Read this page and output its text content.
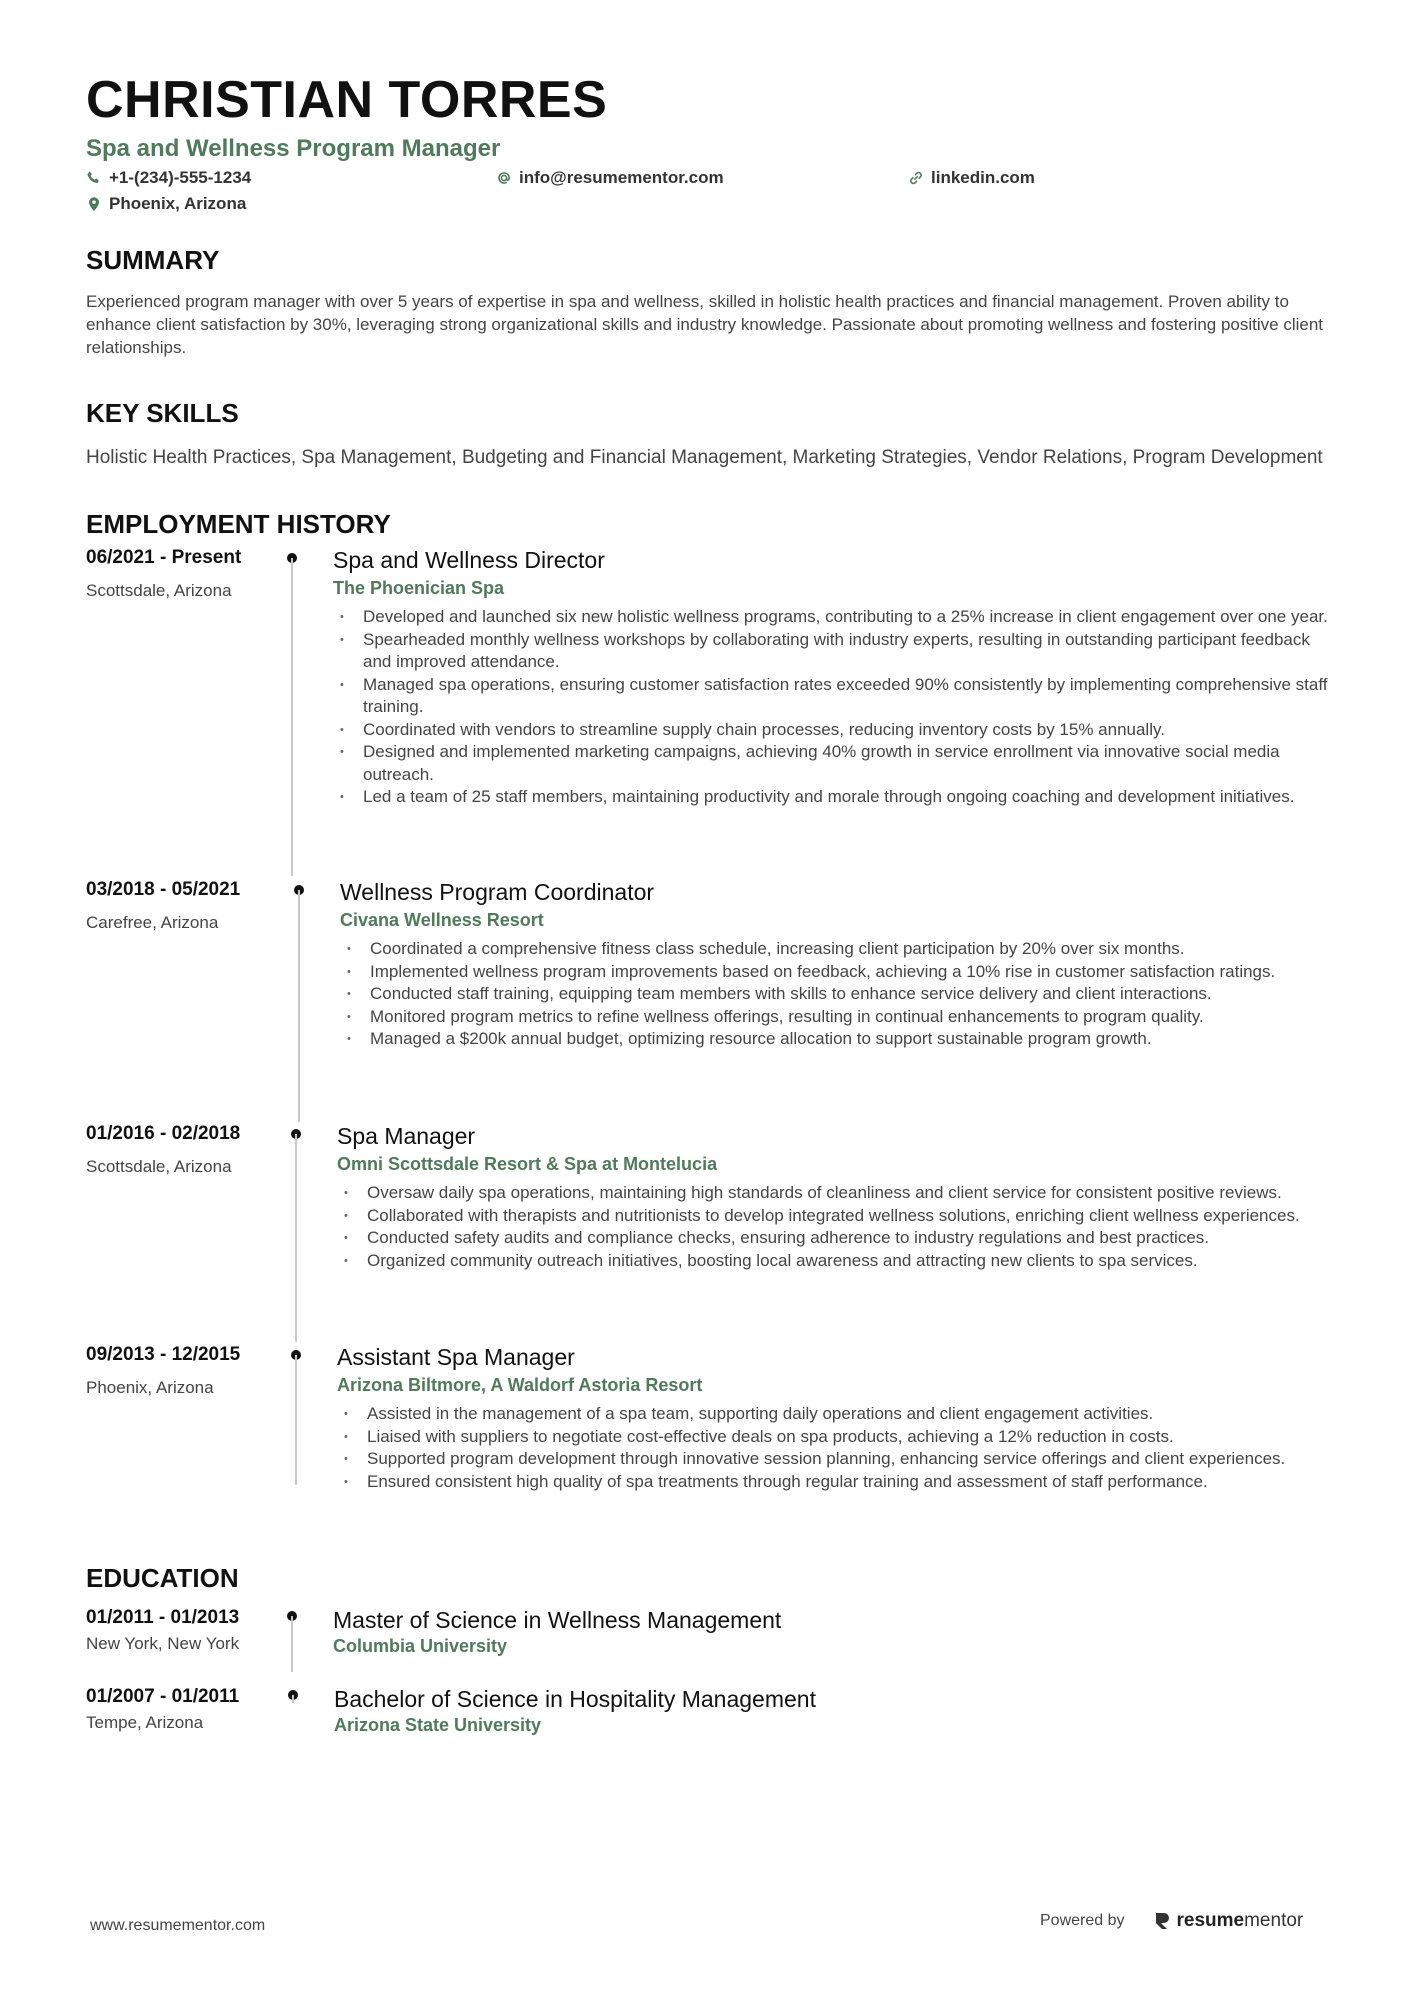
CHRISTIAN TORRES
Spa and Wellness Program Manager
+1-(234)-555-1234	info@resumementor.com	linkedin.com
Phoenix, Arizona
SUMMARY
Experienced program manager with over 5 years of expertise in spa and wellness, skilled in holistic health practices and financial management. Proven ability to enhance client satisfaction by 30%, leveraging strong organizational skills and industry knowledge. Passionate about promoting wellness and fostering positive client relationships.
KEY SKILLS
Holistic Health Practices, Spa Management, Budgeting and Financial Management, Marketing Strategies, Vendor Relations, Program Development
EMPLOYMENT HISTORY
06/2021 - Present
Scottsdale, Arizona
Spa and Wellness Director
The Phoenician Spa
• Developed and launched six new holistic wellness programs, contributing to a 25% increase in client engagement over one year.
• Spearheaded monthly wellness workshops by collaborating with industry experts, resulting in outstanding participant feedback and improved attendance.
• Managed spa operations, ensuring customer satisfaction rates exceeded 90% consistently by implementing comprehensive staff training.
• Coordinated with vendors to streamline supply chain processes, reducing inventory costs by 15% annually.
• Designed and implemented marketing campaigns, achieving 40% growth in service enrollment via innovative social media outreach.
• Led a team of 25 staff members, maintaining productivity and morale through ongoing coaching and development initiatives.
03/2018 - 05/2021
Carefree, Arizona
Wellness Program Coordinator
Civana Wellness Resort
• Coordinated a comprehensive fitness class schedule, increasing client participation by 20% over six months.
• Implemented wellness program improvements based on feedback, achieving a 10% rise in customer satisfaction ratings.
• Conducted staff training, equipping team members with skills to enhance service delivery and client interactions.
• Monitored program metrics to refine wellness offerings, resulting in continual enhancements to program quality.
• Managed a $200k annual budget, optimizing resource allocation to support sustainable program growth.
01/2016 - 02/2018
Scottsdale, Arizona
Spa Manager
Omni Scottsdale Resort & Spa at Montelucia
• Oversaw daily spa operations, maintaining high standards of cleanliness and client service for consistent positive reviews.
• Collaborated with therapists and nutritionists to develop integrated wellness solutions, enriching client wellness experiences.
• Conducted safety audits and compliance checks, ensuring adherence to industry regulations and best practices.
• Organized community outreach initiatives, boosting local awareness and attracting new clients to spa services.
09/2013 - 12/2015
Phoenix, Arizona
Assistant Spa Manager
Arizona Biltmore, A Waldorf Astoria Resort
• Assisted in the management of a spa team, supporting daily operations and client engagement activities.
• Liaised with suppliers to negotiate cost-effective deals on spa products, achieving a 12% reduction in costs.
• Supported program development through innovative session planning, enhancing service offerings and client experiences.
• Ensured consistent high quality of spa treatments through regular training and assessment of staff performance.
EDUCATION
01/2011 - 01/2013
New York, New York
Master of Science in Wellness Management
Columbia University
01/2007 - 01/2011
Tempe, Arizona
Bachelor of Science in Hospitality Management
Arizona State University
www.resumementor.com	Powered by	resumementor
